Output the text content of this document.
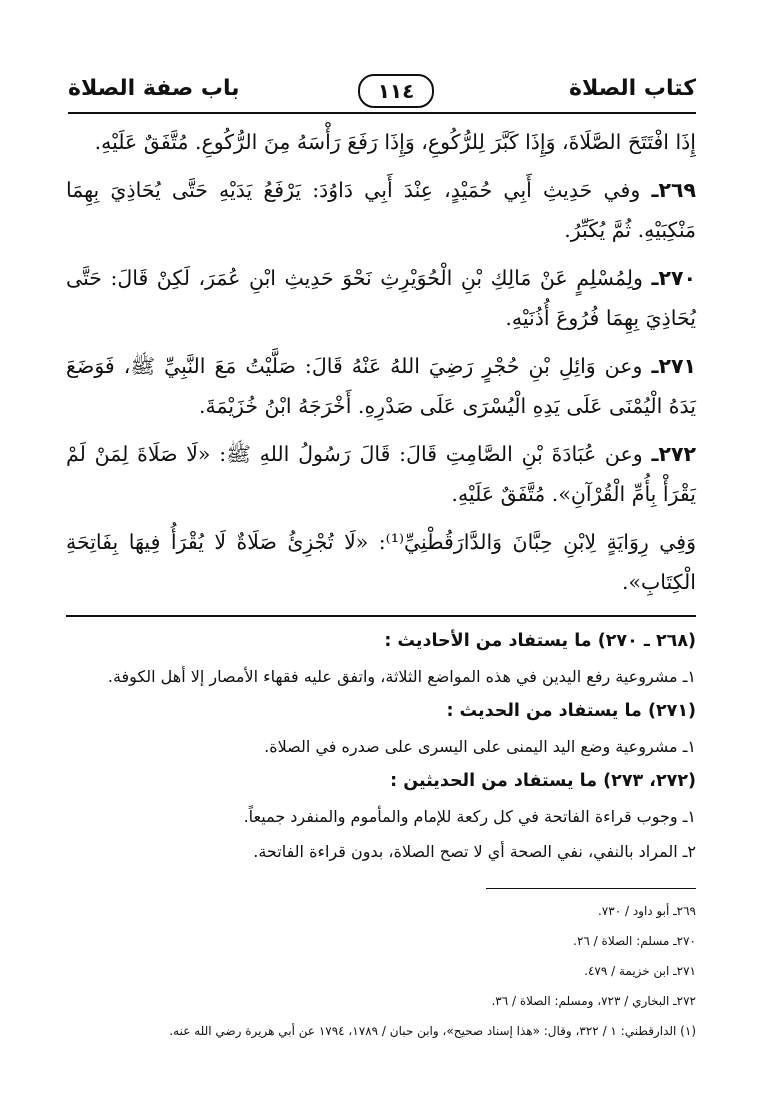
كتاب الصلاة
١١٤
باب صفة الصلاة

إِذَا افْتَتَحَ الصَّلَاةَ، وَإِذَا كَبَّرَ لِلرُّكُوعِ، وَإِذَا رَفَعَ رَأْسَهُ مِنَ الرُّكُوعِ. مُتَّفَقٌ عَلَيْهِ.

٢٦٩ـ وفي حَدِيثِ أَبِي حُمَيْدٍ، عِنْدَ أَبِي دَاوُدَ: يَرْفَعُ يَدَيْهِ حَتَّى يُحَاذِيَ بِهِمَا مَنْكِبَيْهِ. ثُمَّ يُكَبِّرُ.

٢٧٠ـ ولِمُسْلِمٍ عَنْ مَالِكِ بْنِ الْحُوَيْرِثِ نَحْوَ حَدِيثِ ابْنِ عُمَرَ، لَكِنْ قَالَ: حَتَّى يُحَاذِيَ بِهِمَا فُرُوعَ أُذُنَيْهِ.

٢٧١ـ وعن وَائِلِ بْنِ حُجْرٍ رَضِيَ اللهُ عَنْهُ قَالَ: صَلَّيْتُ مَعَ النَّبِيِّ ﷺ، فَوَضَعَ يَدَهُ الْيُمْنَى عَلَى يَدِهِ الْيُسْرَى عَلَى صَدْرِهِ. أَخْرَجَهُ ابْنُ خُزَيْمَةَ.

٢٧٢ـ وعن عُبَادَةَ بْنِ الصَّامِتِ قَالَ: قَالَ رَسُولُ اللهِ ﷺ: «لَا صَلَاةَ لِمَنْ لَمْ يَقْرَأْ بِأُمِّ الْقُرْآنِ». مُتَّفَقٌ عَلَيْهِ.

وَفِي رِوَايَةٍ لِابْنِ حِبَّانَ وَالدَّارَقُطْنِيِّ⁽¹⁾: «لَا تُجْزِئُ صَلَاةٌ لَا يُقْرَأُ فِيهَا بِفَاتِحَةِ الْكِتَابِ».

(٢٦٨ ـ ٢٧٠) ما يستفاد من الأحاديث :
١ـ مشروعية رفع اليدين في هذه المواضع الثلاثة، واتفق عليه فقهاء الأمصار إلا أهل الكوفة.
(٢٧١) ما يستفاد من الحديث :
١ـ مشروعية وضع اليد اليمنى على اليسرى على صدره في الصلاة.
(٢٧٢، ٢٧٣) ما يستفاد من الحديثين :
١ـ وجوب قراءة الفاتحة في كل ركعة للإمام والمأموم والمنفرد جميعاً.
٢ـ المراد بالنفي، نفي الصحة أي لا تصح الصلاة، بدون قراءة الفاتحة.
٢٦٩ـ أبو داود / ٧٣٠.
٢٧٠ـ مسلم: الصلاة / ٢٦.
٢٧١ـ ابن خزيمة / ٤٧٩.
٢٧٢ـ البخاري / ٧٢٣، ومسلم: الصلاة / ٣٦.
(١) الدارقطني: ١ / ٣٢٢، وقال: «هذا إسناد صحيح»، وابن حبان / ١٧٨٩، ١٧٩٤ عن أبي هريرة رضي الله عنه.
